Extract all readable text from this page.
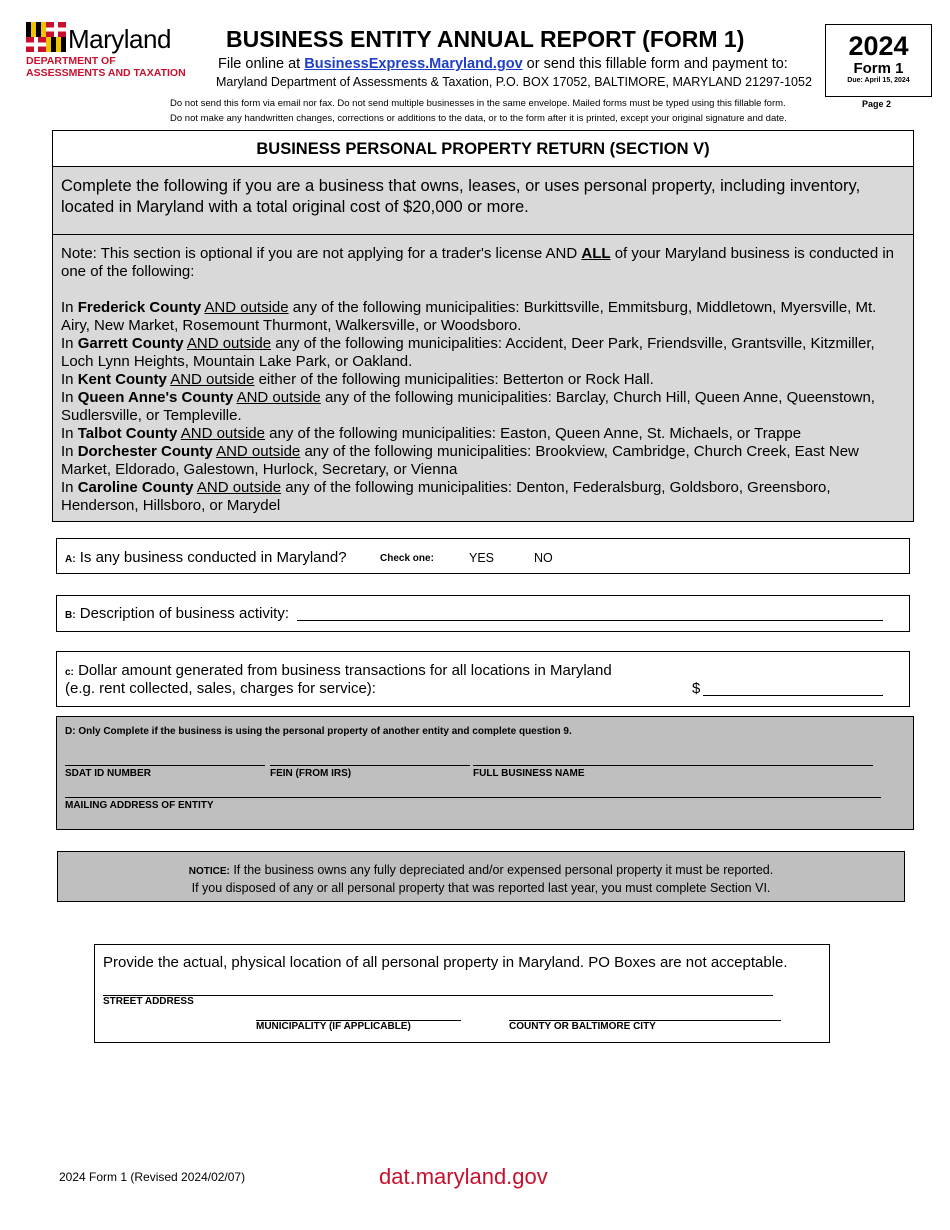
Maryland
DEPARTMENT OF
ASSESSMENTS AND TAXATION
BUSINESS ENTITY ANNUAL REPORT (FORM 1)
File online at BusinessExpress.Maryland.gov or send this fillable form and payment to:
Maryland Department of Assessments & Taxation, P.O. BOX 17052, BALTIMORE, MARYLAND 21297-1052
Do not send this form via email nor fax. Do not send multiple businesses in the same envelope. Mailed forms must be typed using this fillable form.
Do not make any handwritten changes, corrections or additions to the data, or to the form after it is printed, except your original signature and date.
2024
Form 1
Due: April 15, 2024
Page 2
BUSINESS PERSONAL PROPERTY RETURN (SECTION V)
Complete the following if you are a business that owns, leases, or uses personal property, including inventory, located in Maryland with a total original cost of $20,000 or more.
Note: This section is optional if you are not applying for a trader's license AND ALL of your Maryland business is conducted in one of the following:
In Frederick County AND outside any of the following municipalities: Burkittsville, Emmitsburg, Middletown, Myersville, Mt. Airy, New Market, Rosemount Thurmont, Walkersville, or Woodsboro.
In Garrett County AND outside any of the following municipalities: Accident, Deer Park, Friendsville, Grantsville, Kitzmiller, Loch Lynn Heights, Mountain Lake Park, or Oakland.
In Kent County AND outside either of the following municipalities: Betterton or Rock Hall.
In Queen Anne's County AND outside any of the following municipalities: Barclay, Church Hill, Queen Anne, Queenstown, Sudlersville, or Templeville.
In Talbot County AND outside any of the following municipalities: Easton, Queen Anne, St. Michaels, or Trappe
In Dorchester County AND outside any of the following municipalities: Brookview, Cambridge, Church Creek, East New Market, Eldorado, Galestown, Hurlock, Secretary, or Vienna
In Caroline County AND outside any of the following municipalities: Denton, Federalsburg, Goldsboro, Greensboro, Henderson, Hillsboro, or Marydel
A: Is any business conducted in Maryland?	Check one:	YES	NO
B: Description of business activity:
c: Dollar amount generated from business transactions for all locations in Maryland
(e.g. rent collected, sales, charges for service):	$
D: Only Complete if the business is using the personal property of another entity and complete question 9.
SDAT ID NUMBER	FEIN (FROM IRS)	FULL BUSINESS NAME
MAILING ADDRESS OF ENTITY
NOTICE: If the business owns any fully depreciated and/or expensed personal property it must be reported.
If you disposed of any or all personal property that was reported last year, you must complete Section VI.
Provide the actual, physical location of all personal property in Maryland. PO Boxes are not acceptable.
STREET ADDRESS
MUNICIPALITY (IF APPLICABLE)	COUNTY OR BALTIMORE CITY
2024 Form 1 (Revised 2024/02/07)	dat.maryland.gov
